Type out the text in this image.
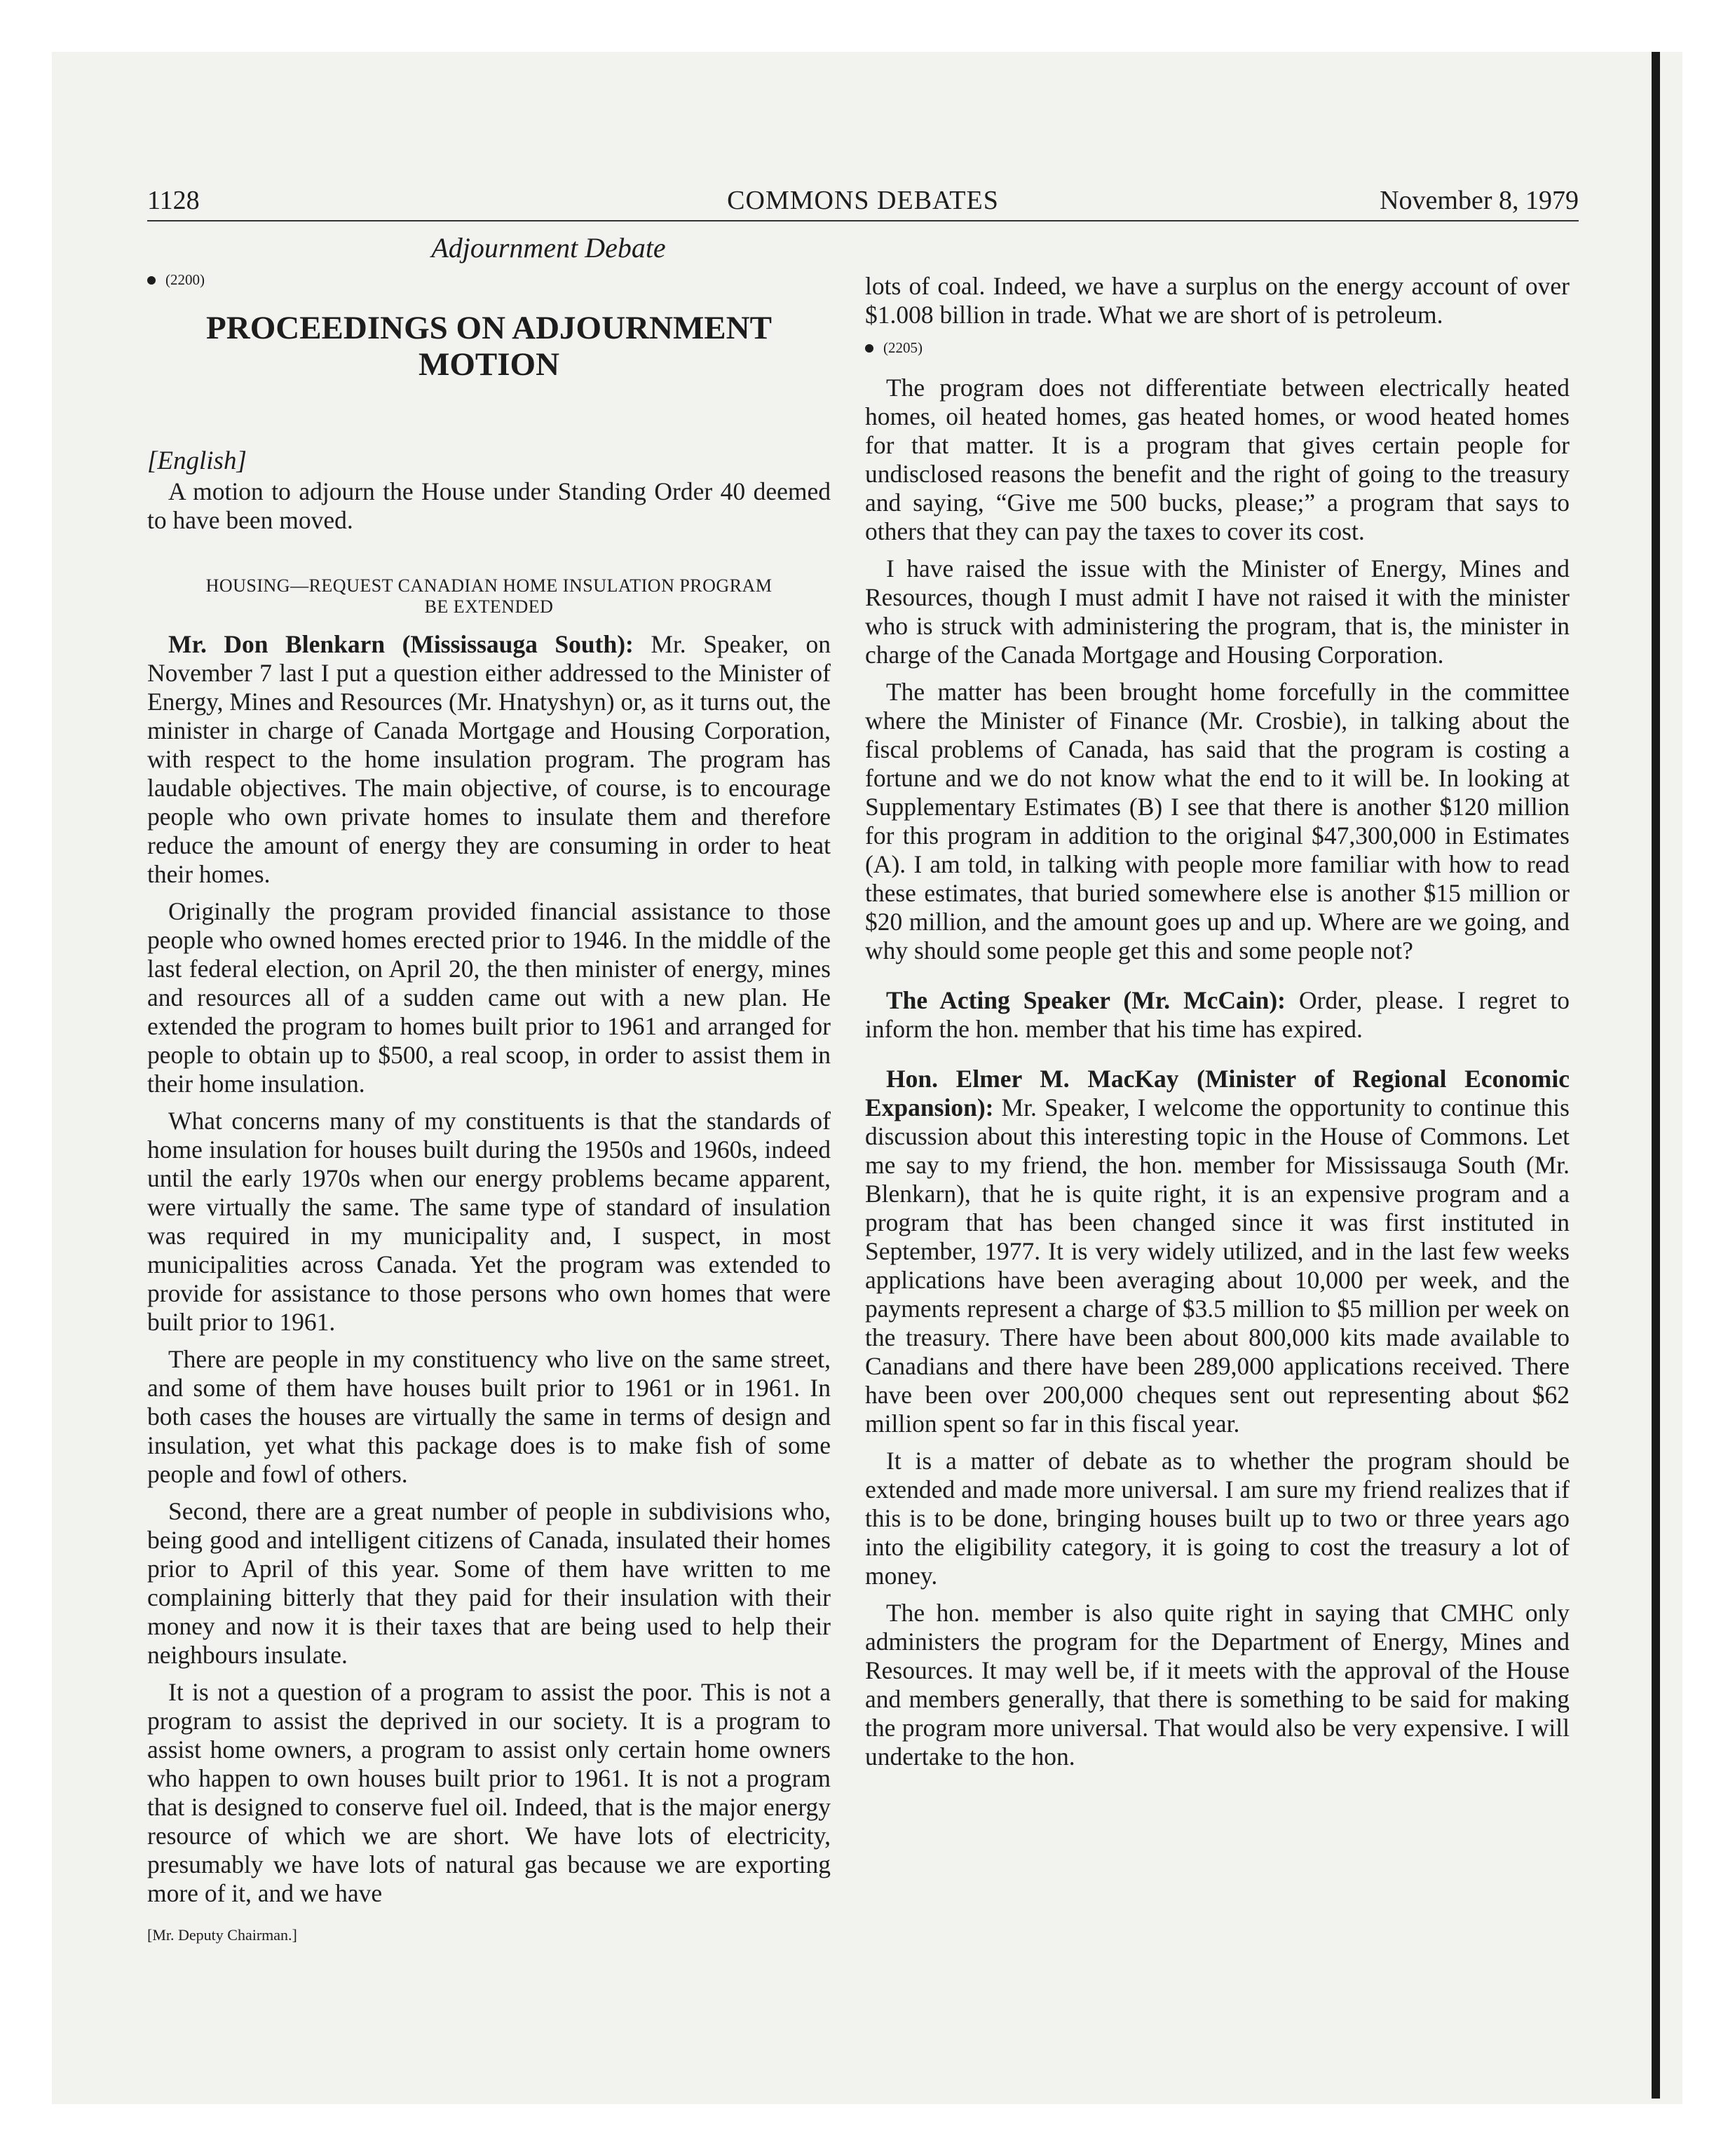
1128	COMMONS DEBATES	November 8, 1979
Adjournment Debate
(2200)
PROCEEDINGS ON ADJOURNMENT
MOTION
[English]

A motion to adjourn the House under Standing Order 40 deemed to have been moved.

HOUSING—REQUEST CANADIAN HOME INSULATION PROGRAM
BE EXTENDED

Mr. Don Blenkarn (Mississauga South): Mr. Speaker, on November 7 last I put a question either addressed to the Minister of Energy, Mines and Resources (Mr. Hnatyshyn) or, as it turns out, the minister in charge of Canada Mortgage and Housing Corporation, with respect to the home insulation program. The program has laudable objectives. The main objective, of course, is to encourage people who own private homes to insulate them and therefore reduce the amount of energy they are consuming in order to heat their homes.

Originally the program provided financial assistance to those people who owned homes erected prior to 1946. In the middle of the last federal election, on April 20, the then minister of energy, mines and resources all of a sudden came out with a new plan. He extended the program to homes built prior to 1961 and arranged for people to obtain up to $500, a real scoop, in order to assist them in their home insulation.

What concerns many of my constituents is that the standards of home insulation for houses built during the 1950s and 1960s, indeed until the early 1970s when our energy problems became apparent, were virtually the same. The same type of standard of insulation was required in my municipality and, I suspect, in most municipalities across Canada. Yet the program was extended to provide for assistance to those persons who own homes that were built prior to 1961.

There are people in my constituency who live on the same street, and some of them have houses built prior to 1961 or in 1961. In both cases the houses are virtually the same in terms of design and insulation, yet what this package does is to make fish of some people and fowl of others.

Second, there are a great number of people in subdivisions who, being good and intelligent citizens of Canada, insulated their homes prior to April of this year. Some of them have written to me complaining bitterly that they paid for their insulation with their money and now it is their taxes that are being used to help their neighbours insulate.

It is not a question of a program to assist the poor. This is not a program to assist the deprived in our society. It is a program to assist home owners, a program to assist only certain home owners who happen to own houses built prior to 1961. It is not a program that is designed to conserve fuel oil. Indeed, that is the major energy resource of which we are short. We have lots of electricity, presumably we have lots of natural gas because we are exporting more of it, and we have

[Mr. Deputy Chairman.]

lots of coal. Indeed, we have a surplus on the energy account of over $1.008 billion in trade. What we are short of is petroleum.

(2205)

The program does not differentiate between electrically heated homes, oil heated homes, gas heated homes, or wood heated homes for that matter. It is a program that gives certain people for undisclosed reasons the benefit and the right of going to the treasury and saying, “Give me 500 bucks, please;” a program that says to others that they can pay the taxes to cover its cost.

I have raised the issue with the Minister of Energy, Mines and Resources, though I must admit I have not raised it with the minister who is struck with administering the program, that is, the minister in charge of the Canada Mortgage and Housing Corporation.

The matter has been brought home forcefully in the committee where the Minister of Finance (Mr. Crosbie), in talking about the fiscal problems of Canada, has said that the program is costing a fortune and we do not know what the end to it will be. In looking at Supplementary Estimates (B) I see that there is another $120 million for this program in addition to the original $47,300,000 in Estimates (A). I am told, in talking with people more familiar with how to read these estimates, that buried somewhere else is another $15 million or $20 million, and the amount goes up and up. Where are we going, and why should some people get this and some people not?

The Acting Speaker (Mr. McCain): Order, please. I regret to inform the hon. member that his time has expired.

Hon. Elmer M. MacKay (Minister of Regional Economic Expansion): Mr. Speaker, I welcome the opportunity to continue this discussion about this interesting topic in the House of Commons. Let me say to my friend, the hon. member for Mississauga South (Mr. Blenkarn), that he is quite right, it is an expensive program and a program that has been changed since it was first instituted in September, 1977. It is very widely utilized, and in the last few weeks applications have been averaging about 10,000 per week, and the payments represent a charge of $3.5 million to $5 million per week on the treasury. There have been about 800,000 kits made available to Canadians and there have been 289,000 applications received. There have been over 200,000 cheques sent out representing about $62 million spent so far in this fiscal year.

It is a matter of debate as to whether the program should be extended and made more universal. I am sure my friend realizes that if this is to be done, bringing houses built up to two or three years ago into the eligibility category, it is going to cost the treasury a lot of money.

The hon. member is also quite right in saying that CMHC only administers the program for the Department of Energy, Mines and Resources. It may well be, if it meets with the approval of the House and members generally, that there is something to be said for making the program more universal. That would also be very expensive. I will undertake to the hon.
